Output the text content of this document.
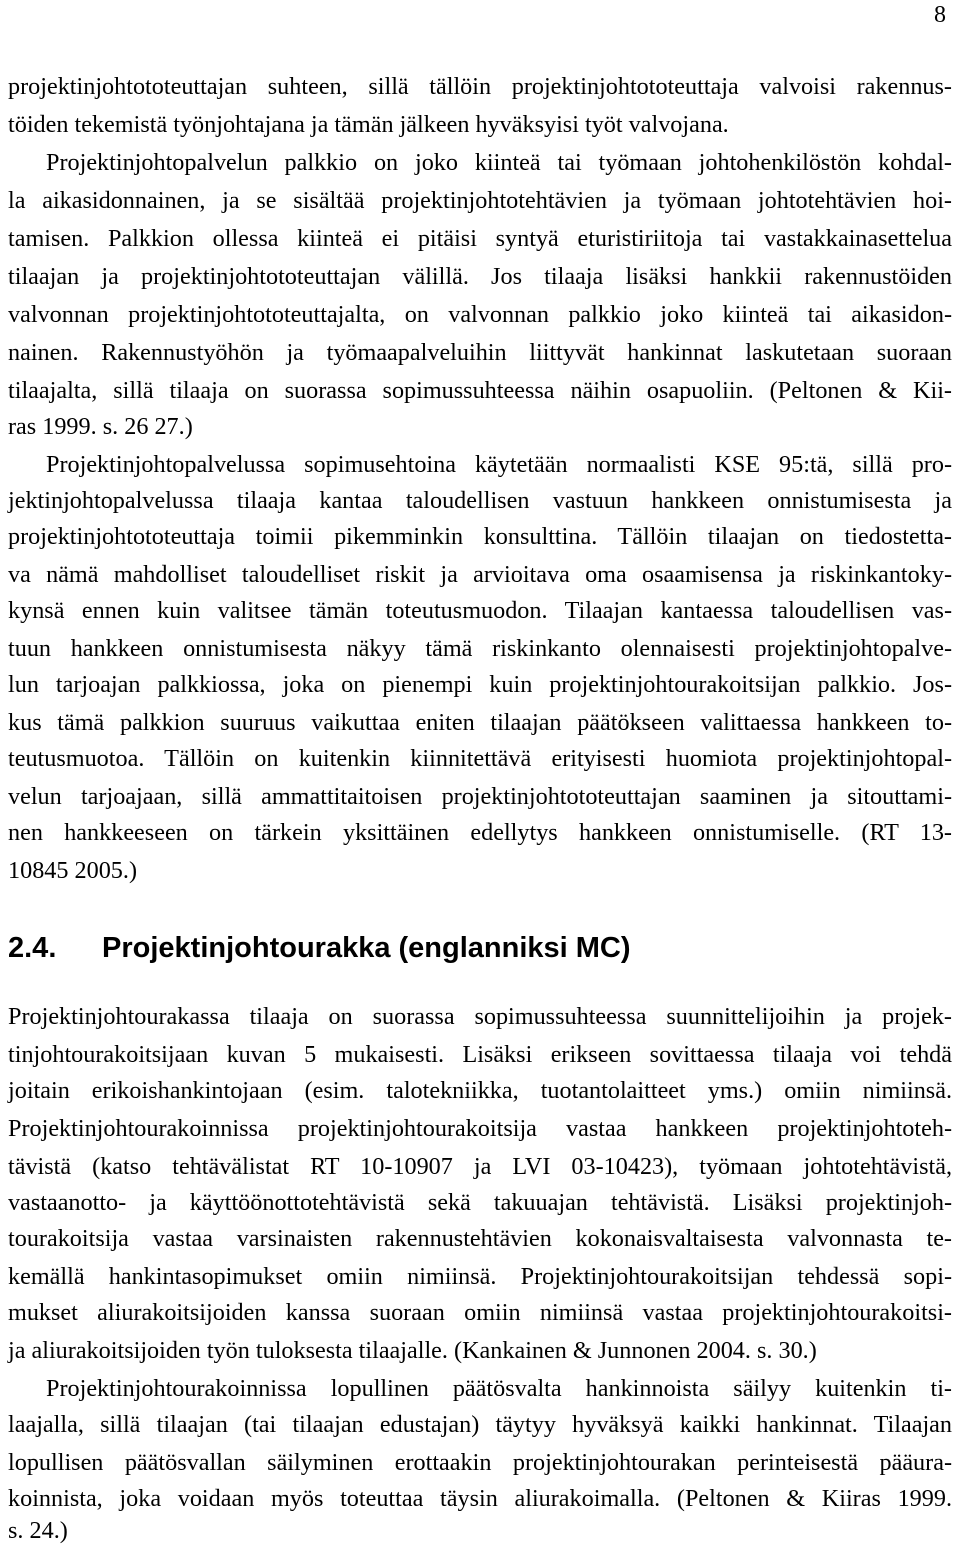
8
projektinjohtototeuttajan suhteen, sillä tällöin projektinjohtototeuttaja valvoisi rakennus-
töiden tekemistä työnjohtajana ja tämän jälkeen hyväksyisi työt valvojana.
Projektinjohtopalvelun palkkio on joko kiinteä tai työmaan johtohenkilöstön kohdal-
la aikasidonnainen, ja se sisältää projektinjohtotehtävien ja työmaan johtotehtävien hoi-
tamisen. Palkkion ollessa kiinteä ei pitäisi syntyä eturistiriitoja tai vastakkainasettelua
tilaajan ja projektinjohtototeuttajan välillä. Jos tilaaja lisäksi hankkii rakennustöiden
valvonnan projektinjohtototeuttajalta, on valvonnan palkkio joko kiinteä tai aikasidon-
nainen. Rakennustyöhön ja työmaapalveluihin liittyvät hankinnat laskutetaan suoraan
tilaajalta, sillä tilaaja on suorassa sopimussuhteessa näihin osapuoliin. (Peltonen & Kii-
ras 1999. s. 26 27.)
Projektinjohtopalvelussa sopimusehtoina käytetään normaalisti KSE 95:tä, sillä pro-
jektinjohtopalvelussa tilaaja kantaa taloudellisen vastuun hankkeen onnistumisesta ja
projektinjohtototeuttaja toimii pikemminkin konsulttina. Tällöin tilaajan on tiedostetta-
va nämä mahdolliset taloudelliset riskit ja arvioitava oma osaamisensa ja riskinkantoky-
kynsä ennen kuin valitsee tämän toteutusmuodon. Tilaajan kantaessa taloudellisen vas-
tuun hankkeen onnistumisesta näkyy tämä riskinkanto olennaisesti projektinjohtopalve-
lun tarjoajan palkkiossa, joka on pienempi kuin projektinjohtourakoitsijan palkkio. Jos-
kus tämä palkkion suuruus vaikuttaa eniten tilaajan päätökseen valittaessa hankkeen to-
teutusmuotoa. Tällöin on kuitenkin kiinnitettävä erityisesti huomiota projektinjohtopal-
velun tarjoajaan, sillä ammattitaitoisen projektinjohtototeuttajan saaminen ja sitouttami-
nen hankkeeseen on tärkein yksittäinen edellytys hankkeen onnistumiselle. (RT 13-
10845 2005.)
2.4. Projektinjohtourakka (englanniksi MC)
Projektinjohtourakassa tilaaja on suorassa sopimussuhteessa suunnittelijoihin ja projek-
tinjohtourakoitsijaan kuvan 5 mukaisesti. Lisäksi erikseen sovittaessa tilaaja voi tehdä
joitain erikoishankintojaan (esim. talotekniikka, tuotantolaitteet yms.) omiin nimiinsä.
Projektinjohtourakoinnissa projektinjohtourakoitsija vastaa hankkeen projektinjohtoteh-
tävistä (katso tehtävälistat RT 10-10907 ja LVI 03-10423), työmaan johtotehtävistä,
vastaanotto- ja käyttöönottotehtävistä sekä takuuajan tehtävistä. Lisäksi projektinjoh-
tourakoitsija vastaa varsinaisten rakennustehtävien kokonaisvaltaisesta valvonnasta te-
kemällä hankintasopimukset omiin nimiinsä. Projektinjohtourakoitsijan tehdessä sopi-
mukset aliurakoitsijoiden kanssa suoraan omiin nimiinsä vastaa projektinjohtourakoitsi-
ja aliurakoitsijoiden työn tuloksesta tilaajalle. (Kankainen & Junnonen 2004. s. 30.)
Projektinjohtourakoinnissa lopullinen päätösvalta hankinnoista säilyy kuitenkin ti-
laajalla, sillä tilaajan (tai tilaajan edustajan) täytyy hyväksyä kaikki hankinnat. Tilaajan
lopullisen päätösvallan säilyminen erottaakin projektinjohtourakan perinteisestä pääura-
koinnista, joka voidaan myös toteuttaa täysin aliurakoimalla. (Peltonen & Kiiras 1999.
s. 24.)
